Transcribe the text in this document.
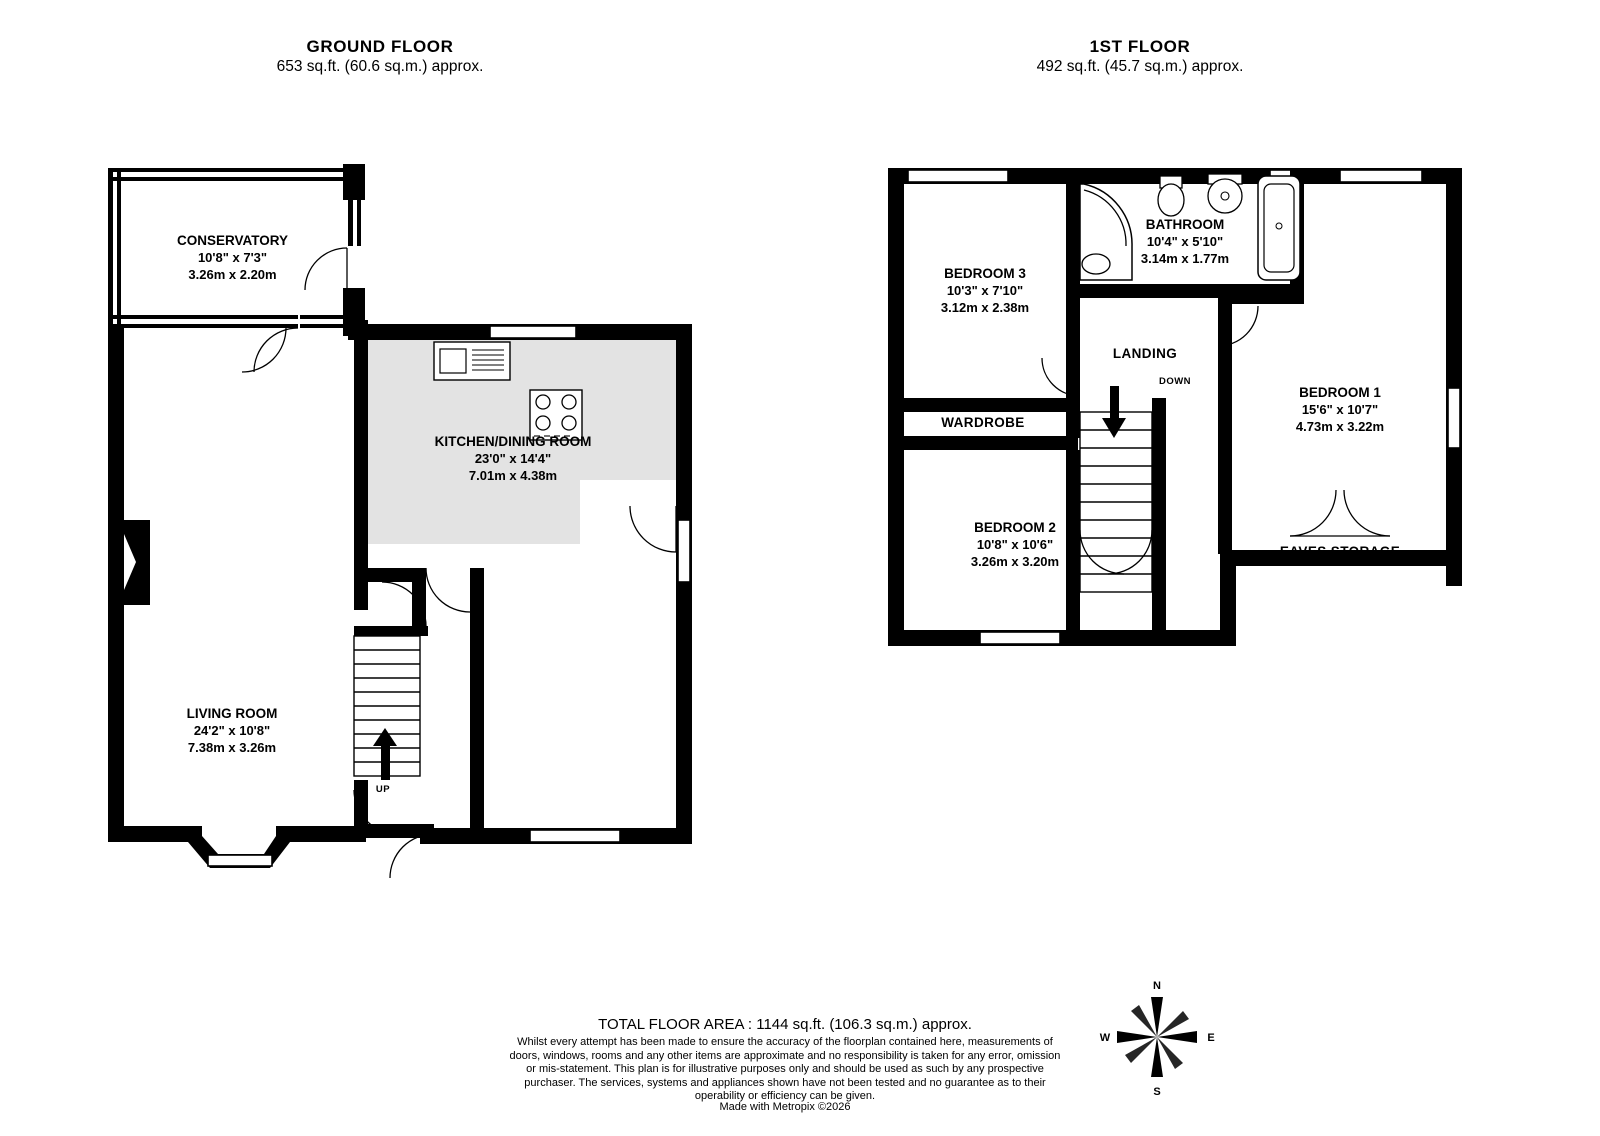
GROUND FLOOR
653 sq.ft. (60.6 sq.m.) approx.
1ST FLOOR
492 sq.ft. (45.7 sq.m.) approx.
CONSERVATORY
10'8" x 7'3"
3.26m x 2.20m
KITCHEN/DINING ROOM
23'0" x 14'4"
7.01m x 4.38m
LIVING ROOM
24'2" x 10'8"
7.38m x 3.26m
UP
BEDROOM 3
10'3" x 7'10"
3.12m x 2.38m
BATHROOM
10'4" x 5'10"
3.14m x 1.77m
BEDROOM 1
15'6" x 10'7"
4.73m x 3.22m
BEDROOM 2
10'8" x 10'6"
3.26m x 3.20m
LANDING
WARDROBE
EAVES STORAGE
DOWN
N
E
S
W
TOTAL FLOOR AREA : 1144 sq.ft. (106.3 sq.m.) approx.
Whilst every attempt has been made to ensure the accuracy of the floorplan contained here, measurements of doors, windows, rooms and any other items are approximate and no responsibility is taken for any error, omission or mis-statement. This plan is for illustrative purposes only and should be used as such by any prospective purchaser. The services, systems and appliances shown have not been tested and no guarantee as to their operability or efficiency can be given.
Made with Metropix ©2026
